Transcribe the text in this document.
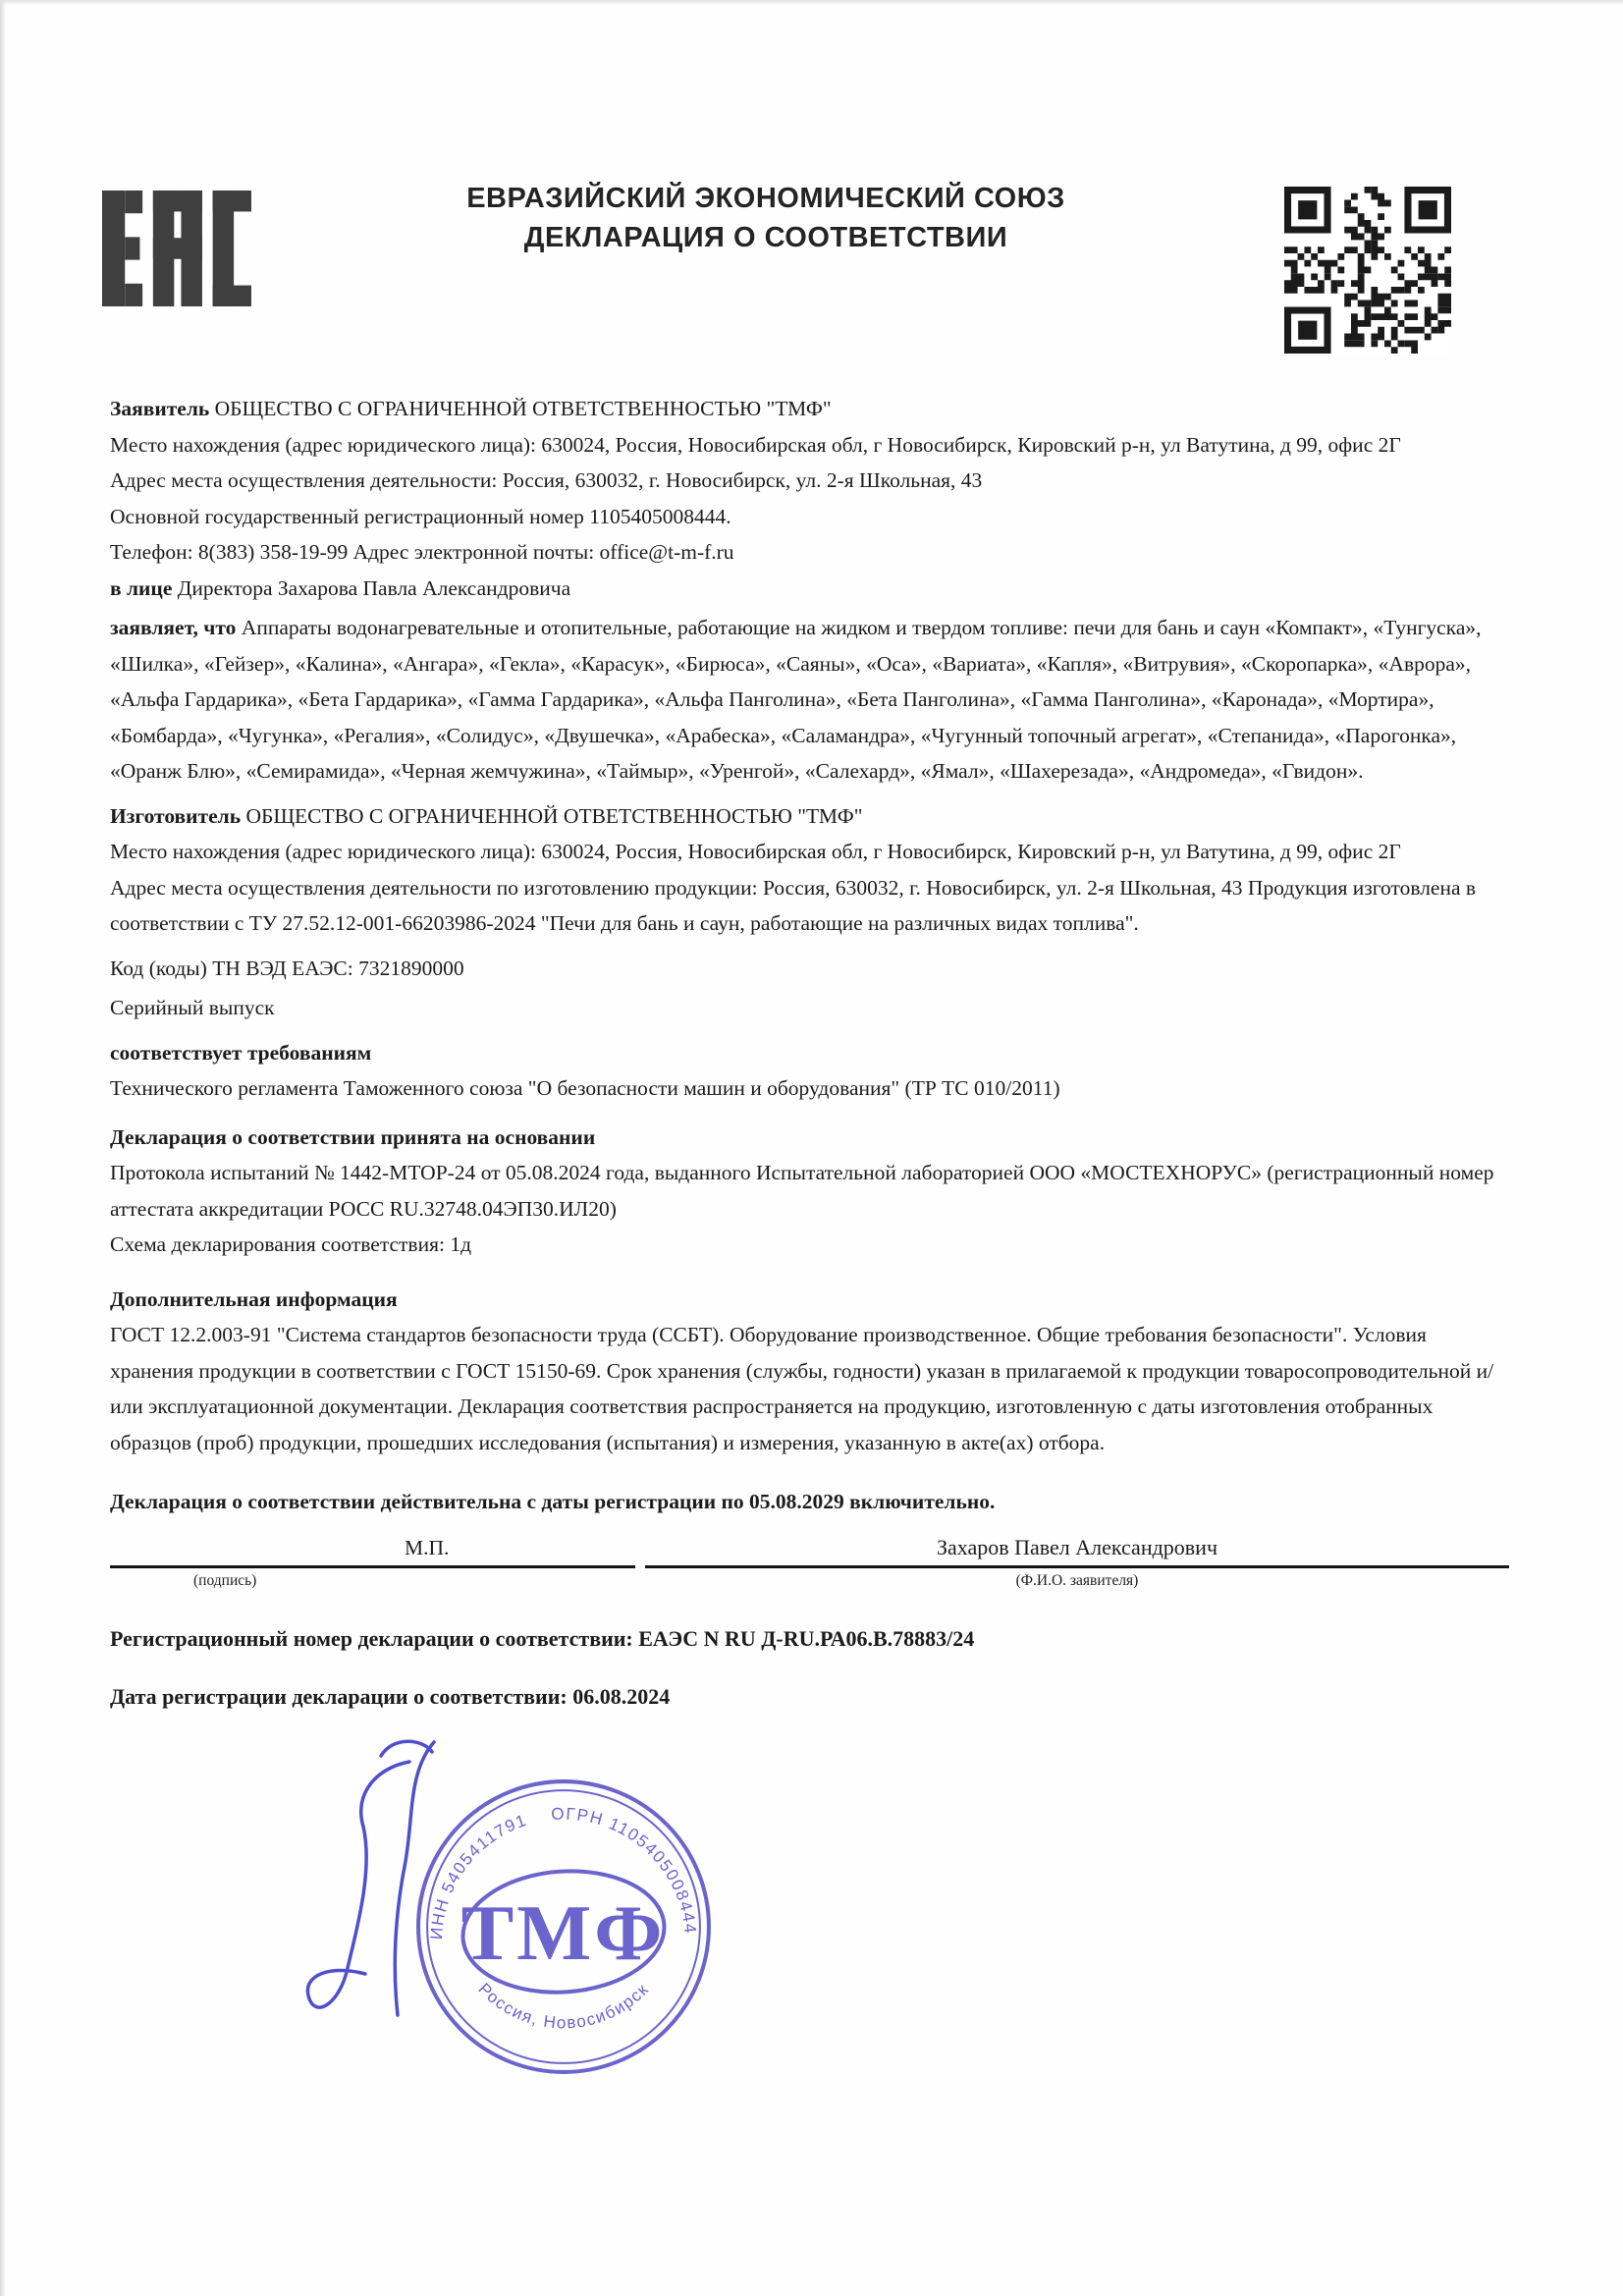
ЕВРАЗИЙСКИЙ ЭКОНОМИЧЕСКИЙ СОЮЗ
ДЕКЛАРАЦИЯ О СООТВЕТСТВИИ

Заявитель ОБЩЕСТВО С ОГРАНИЧЕННОЙ ОТВЕТСТВЕННОСТЬЮ "ТМФ"

Место нахождения (адрес юридического лица): 630024, Россия, Новосибирская обл, г Новосибирск, Кировский р-н, ул Ватутина, д 99, офис 2Г

Адрес места осуществления деятельности: Россия, 630032, г. Новосибирск, ул. 2-я Школьная, 43

Основной государственный регистрационный номер 1105405008444.

Телефон: 8(383) 358-19-99 Адрес электронной почты: office@t-m-f.ru

в лице Директора Захарова Павла Александровича

заявляет, что Аппараты водонагревательные и отопительные, работающие на жидком и твердом топливе: печи для бань и саун «Компакт», «Тунгуска», «Шилка», «Гейзер», «Калина», «Ангара», «Гекла», «Карасук», «Бирюса», «Саяны», «Оса», «Вариата», «Капля», «Витрувия», «Скоропарка», «Аврора», «Альфа Гардарика», «Бета Гардарика», «Гамма Гардарика», «Альфа Панголина», «Бета Панголина», «Гамма Панголина», «Каронада», «Мортира», «Бомбарда», «Чугунка», «Регалия», «Солидус», «Двушечка», «Арабеска», «Саламандра», «Чугунный топочный агрегат», «Степанида», «Парогонка», «Оранж Блю», «Семирамида», «Черная жемчужина», «Таймыр», «Уренгой», «Салехард», «Ямал», «Шахерезада», «Андромеда», «Гвидон».

Изготовитель ОБЩЕСТВО С ОГРАНИЧЕННОЙ ОТВЕТСТВЕННОСТЬЮ "ТМФ"

Место нахождения (адрес юридического лица): 630024, Россия, Новосибирская обл, г Новосибирск, Кировский р-н, ул Ватутина, д 99, офис 2Г

Адрес места осуществления деятельности по изготовлению продукции: Россия, 630032, г. Новосибирск, ул. 2-я Школьная, 43 Продукция изготовлена в соответствии с ТУ 27.52.12-001-66203986-2024 "Печи для бань и саун, работающие на различных видах топлива".

Код (коды) ТН ВЭД ЕАЭС: 7321890000

Серийный выпуск

соответствует требованиям

Технического регламента Таможенного союза "О безопасности машин и оборудования" (ТР ТС 010/2011)

Декларация о соответствии принята на основании

Протокола испытаний № 1442-МТОР-24 от 05.08.2024 года, выданного Испытательной лабораторией ООО «МОСТЕХНОРУС» (регистрационный номер аттестата аккредитации РОСС RU.32748.04ЭП30.ИЛ20)

Схема декларирования соответствия: 1д

Дополнительная информация

ГОСТ 12.2.003-91 "Система стандартов безопасности труда (ССБТ). Оборудование производственное. Общие требования безопасности". Условия хранения продукции в соответствии с ГОСТ 15150-69. Срок хранения (службы, годности) указан в прилагаемой к продукции товаросопроводительной и/или эксплуатационной документации. Декларация соответствия распространяется на продукцию, изготовленную с даты изготовления отобранных образцов (проб) продукции, прошедших исследования (испытания) и измерения, указанную в акте(ах) отбора.

Декларация о соответствии действительна с даты регистрации по 05.08.2029 включительно.

М.П.
(подпись)
Захаров Павел Александрович
(Ф.И.О. заявителя)

Регистрационный номер декларации о соответствии: ЕАЭС N RU Д-RU.РА06.В.78883/24

Дата регистрации декларации о соответствии: 06.08.2024

ИНН 5405411791 ОГРН 1105405008444
Россия, Новосибирск
ТМФ
